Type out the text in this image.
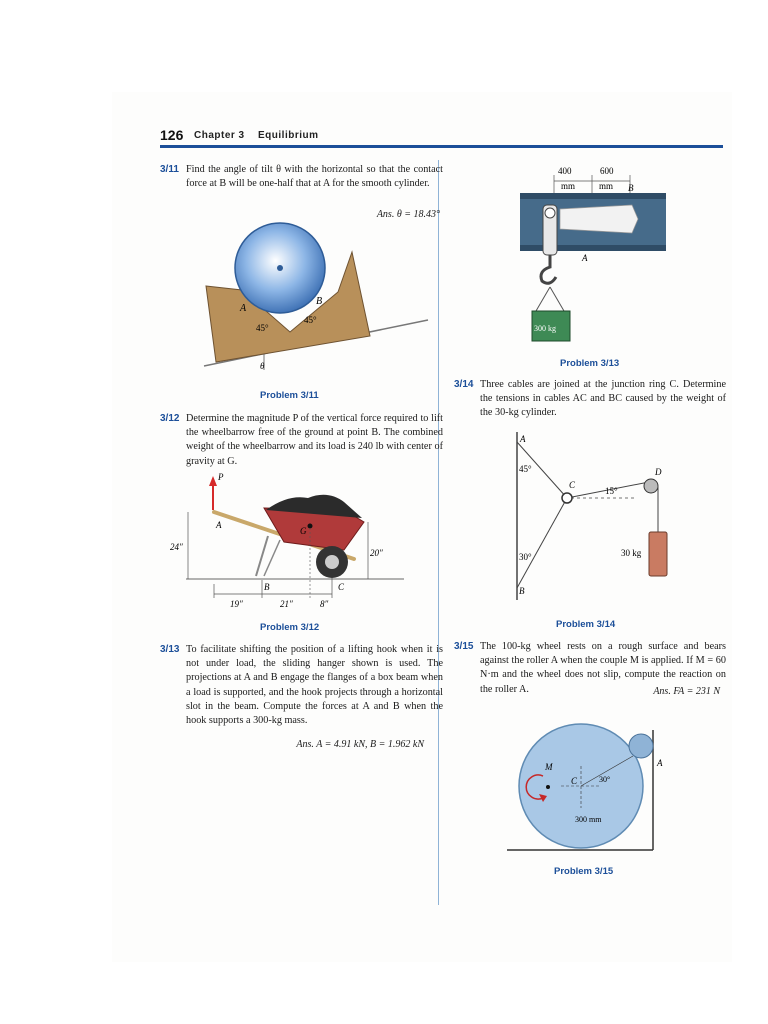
126 Chapter 3 Equilibrium
3/11 Find the angle of tilt θ with the horizontal so that the contact force at B will be one-half that at A for the smooth cylinder.
Ans. θ = 18.43°
A
B
45°
45°
θ
Problem 3/11
3/12 Determine the magnitude P of the vertical force required to lift the wheelbarrow free of the ground at point B. The combined weight of the wheelbarrow and its load is 240 lb with center of gravity at G.
P
A
G
B	C
24″
20″
19″	21″	8″
Problem 3/12
3/13 To facilitate shifting the position of a lifting hook when it is not under load, the sliding hanger shown is used. The projections at A and B engage the flanges of a box beam when a load is supported, and the hook projects through a horizontal slot in the beam. Compute the forces at A and B when the hook supports a 300-kg mass.
Ans. A = 4.91 kN, B = 1.962 kN
400	600
mm	mm B
A
300 kg
Problem 3/13
3/14 Three cables are joined at the junction ring C. Determine the tensions in cables AC and BC caused by the weight of the 30-kg cylinder.
A
B
C
D
45°
30°
15°
30 kg
Problem 3/14
3/15 The 100-kg wheel rests on a rough surface and bears against the roller A when the couple M is applied. If M = 60 N·m and the wheel does not slip, compute the reaction on the roller A.	Ans. FA = 231 N
M
C	30°
300 mm
A
Problem 3/15
